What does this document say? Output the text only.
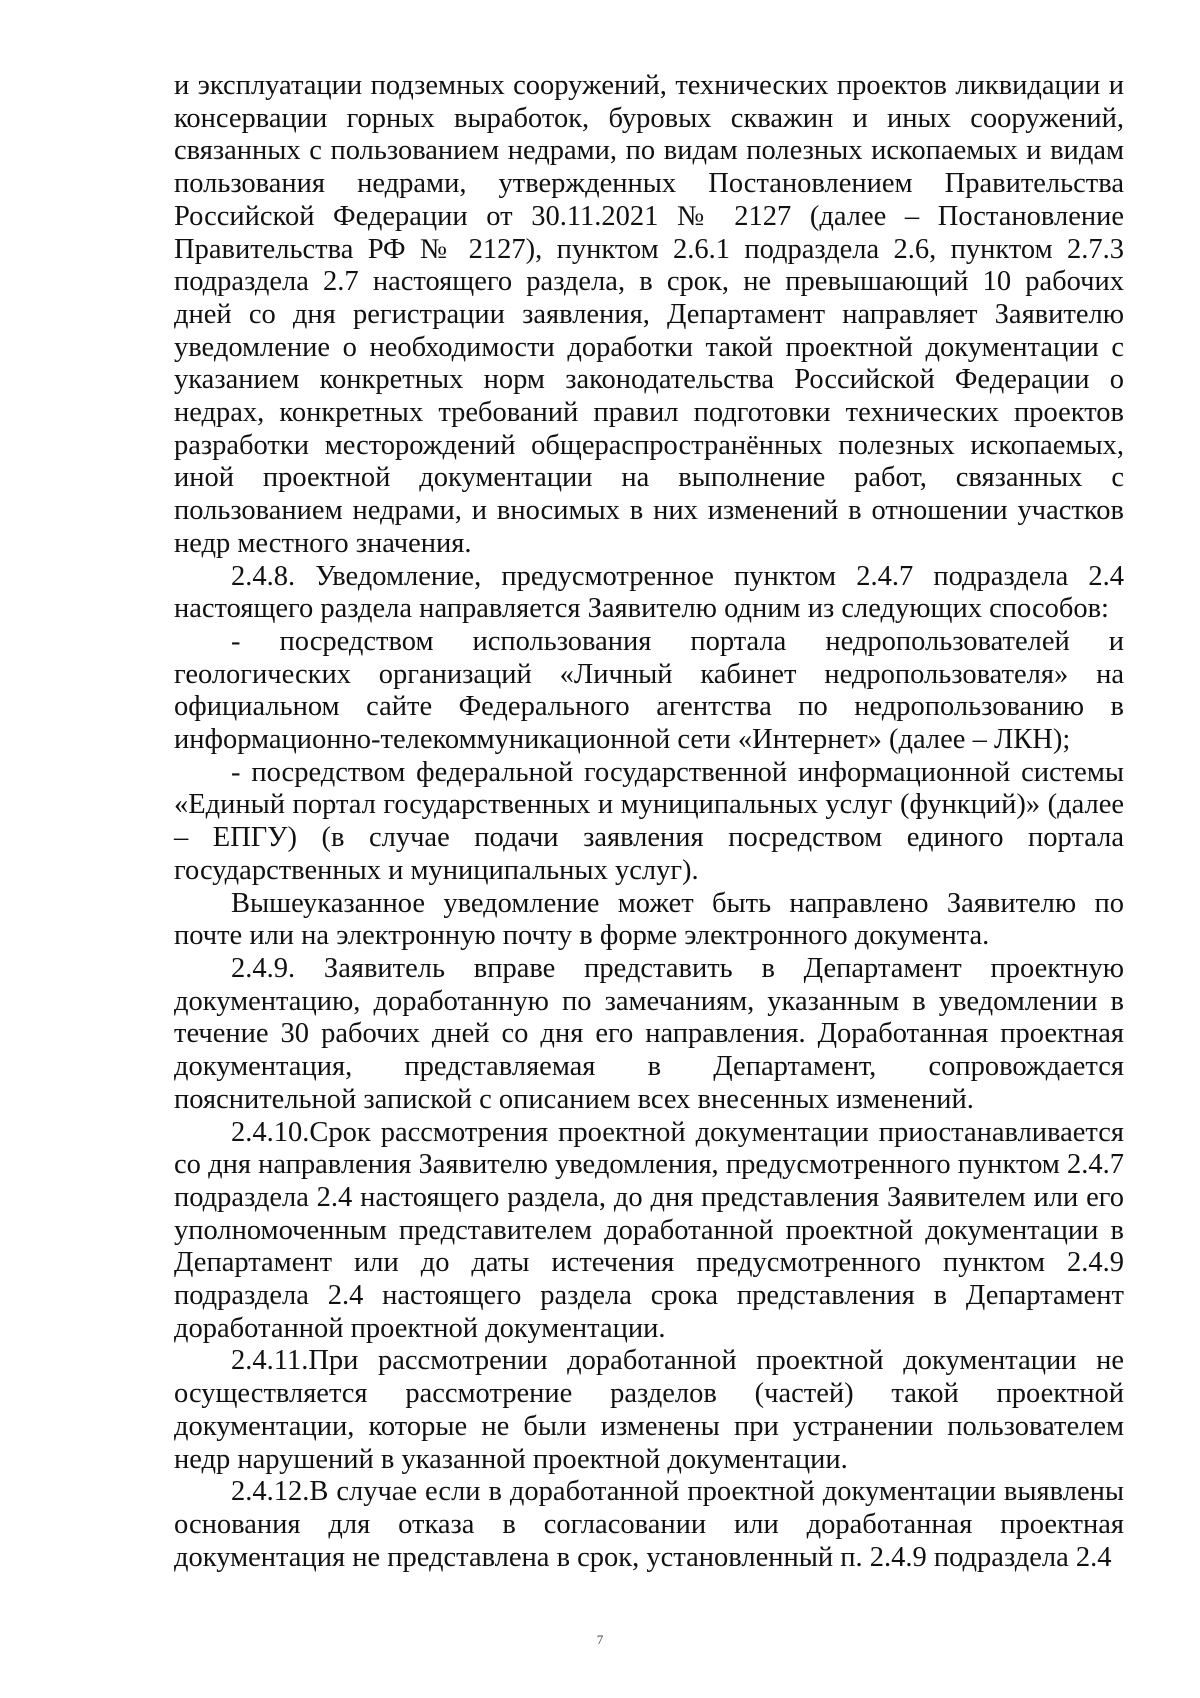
и эксплуатации подземных сооружений, технических проектов ликвидации и консервации горных выработок, буровых скважин и иных сооружений, связанных с пользованием недрами, по видам полезных ископаемых и видам пользования недрами, утвержденных Постановлением Правительства Российской Федерации от 30.11.2021 № 2127 (далее – Постановление Правительства РФ № 2127), пунктом 2.6.1 подраздела 2.6, пунктом 2.7.3 подраздела 2.7 настоящего раздела, в срок, не превышающий 10 рабочих дней со дня регистрации заявления, Департамент направляет Заявителю уведомление о необходимости доработки такой проектной документации с указанием конкретных норм законодательства Российской Федерации о недрах, конкретных требований правил подготовки технических проектов разработки месторождений общераспространённых полезных ископаемых, иной проектной документации на выполнение работ, связанных с пользованием недрами, и вносимых в них изменений в отношении участков недр местного значения.

2.4.8. Уведомление, предусмотренное пунктом 2.4.7 подраздела 2.4 настоящего раздела направляется Заявителю одним из следующих способов:

- посредством использования портала недропользователей и геологических организаций «Личный кабинет недропользователя» на официальном сайте Федерального агентства по недропользованию в информационно-телекоммуникационной сети «Интернет» (далее – ЛКН);

- посредством федеральной государственной информационной системы «Единый портал государственных и муниципальных услуг (функций)» (далее – ЕПГУ) (в случае подачи заявления посредством единого портала государственных и муниципальных услуг).

Вышеуказанное уведомление может быть направлено Заявителю по почте или на электронную почту в форме электронного документа.

2.4.9. Заявитель вправе представить в Департамент проектную документацию, доработанную по замечаниям, указанным в уведомлении в течение 30 рабочих дней со дня его направления. Доработанная проектная документация, представляемая в Департамент, сопровождается пояснительной запиской с описанием всех внесенных изменений.

2.4.10.Срок рассмотрения проектной документации приостанавливается со дня направления Заявителю уведомления, предусмотренного пунктом 2.4.7 подраздела 2.4 настоящего раздела, до дня представления Заявителем или его уполномоченным представителем доработанной проектной документации в Департамент или до даты истечения предусмотренного пунктом 2.4.9 подраздела 2.4 настоящего раздела срока представления в Департамент доработанной проектной документации.

2.4.11.При рассмотрении доработанной проектной документации не осуществляется рассмотрение разделов (частей) такой проектной документации, которые не были изменены при устранении пользователем недр нарушений в указанной проектной документации.

2.4.12.В случае если в доработанной проектной документации выявлены основания для отказа в согласовании или доработанная проектная документация не представлена в срок, установленный п. 2.4.9 подраздела 2.4

7
